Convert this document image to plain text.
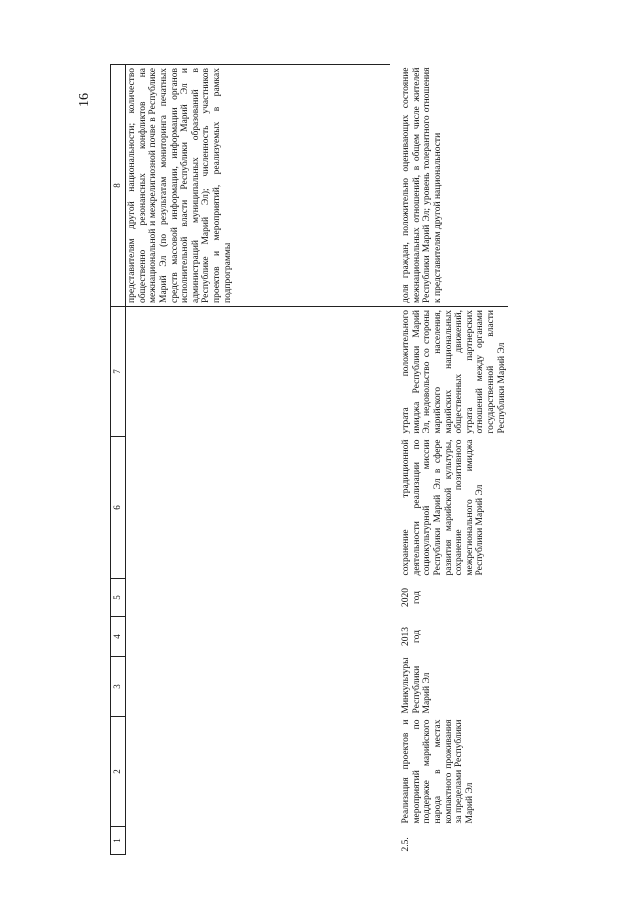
16
1	2	3	4	5	6	7	8
							представителям другой национальности; количество общественно резонансных конфликтов на межнациональной и межрелигиозной почве в Республике Марий Эл (по результатам мониторинга печатных средств массовой информации, информации органов исполнительной власти Республики Марий Эл и администраций муниципальных образований в Республике Марий Эл); численность участников проектов и мероприятий, реализуемых в рамках подпрограммы

2.5.	Реализация проектов и мероприятий по поддержке марийского народа в местах компактного проживания за пределами Республики Марий Эл	Минкультуры Республики Марий Эл	2013 год	2020 год	сохранение традиционной деятельности реализации по социокультурной миссии Республики Марий Эл в сфере развития марийской культуры, сохранение позитивного межрегионального имиджа Республики Марий Эл	утрата положительного имиджа Республики Марий Эл, недовольство со стороны марийского населения, марийских национальных общественных движений, утрата партнерских отношений между органами государственной власти Республики Марий Эл	доля граждан, положительно оценивающих состояние межнациональных отношений, в общем числе жителей Республики Марий Эл; уровень толерантного отношения к представителям другой национальности
